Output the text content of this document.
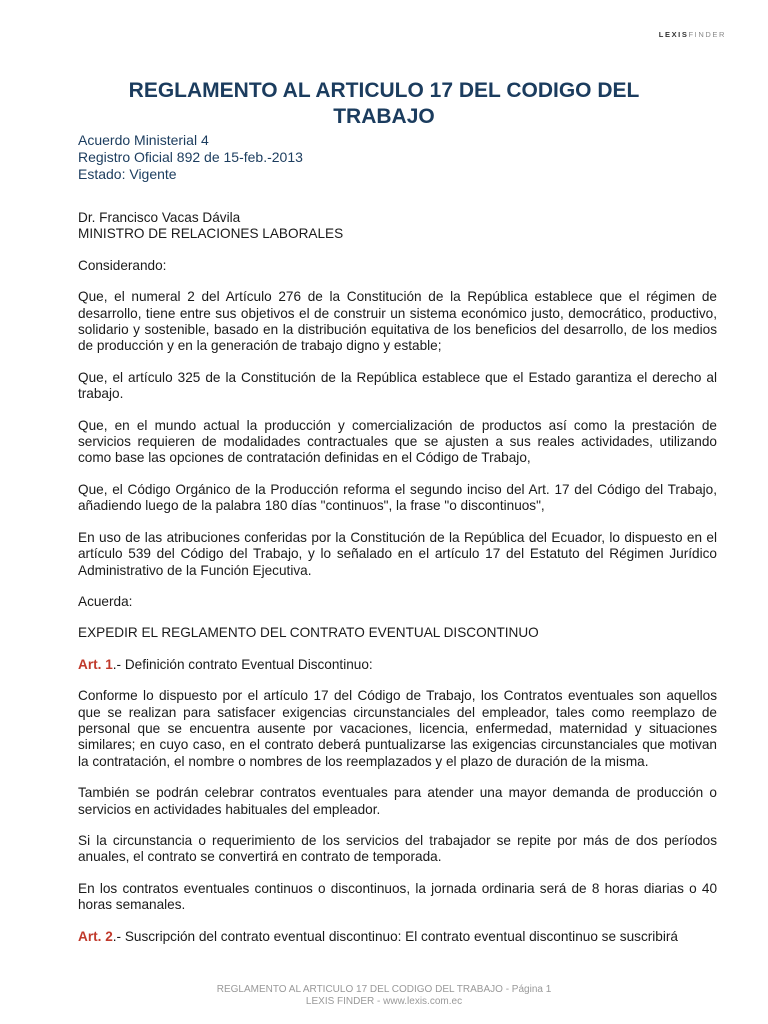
LEXISFINDER
REGLAMENTO AL ARTICULO 17 DEL CODIGO DEL TRABAJO
Acuerdo Ministerial 4
Registro Oficial 892 de 15-feb.-2013
Estado: Vigente

Dr. Francisco Vacas Dávila

MINISTRO DE RELACIONES LABORALES

Considerando:

Que, el numeral 2 del Artículo 276 de la Constitución de la República establece que el régimen de desarrollo, tiene entre sus objetivos el de construir un sistema económico justo, democrático, productivo, solidario y sostenible, basado en la distribución equitativa de los beneficios del desarrollo, de los medios de producción y en la generación de trabajo digno y estable;

Que, el artículo 325 de la Constitución de la República establece que el Estado garantiza el derecho al trabajo.

Que, en el mundo actual la producción y comercialización de productos así como la prestación de servicios requieren de modalidades contractuales que se ajusten a sus reales actividades, utilizando como base las opciones de contratación definidas en el Código de Trabajo,

Que, el Código Orgánico de la Producción reforma el segundo inciso del Art. 17 del Código del Trabajo, añadiendo luego de la palabra 180 días "continuos", la frase "o discontinuos",

En uso de las atribuciones conferidas por la Constitución de la República del Ecuador, lo dispuesto en el artículo 539 del Código del Trabajo, y lo señalado en el artículo 17 del Estatuto del Régimen Jurídico Administrativo de la Función Ejecutiva.

Acuerda:

EXPEDIR EL REGLAMENTO DEL CONTRATO EVENTUAL DISCONTINUO

Art. 1.- Definición contrato Eventual Discontinuo:

Conforme lo dispuesto por el artículo 17 del Código de Trabajo, los Contratos eventuales son aquellos que se realizan para satisfacer exigencias circunstanciales del empleador, tales como reemplazo de personal que se encuentra ausente por vacaciones, licencia, enfermedad, maternidad y situaciones similares; en cuyo caso, en el contrato deberá puntualizarse las exigencias circunstanciales que motivan la contratación, el nombre o nombres de los reemplazados y el plazo de duración de la misma.

También se podrán celebrar contratos eventuales para atender una mayor demanda de producción o servicios en actividades habituales del empleador.

Si la circunstancia o requerimiento de los servicios del trabajador se repite por más de dos períodos anuales, el contrato se convertirá en contrato de temporada.

En los contratos eventuales continuos o discontinuos, la jornada ordinaria será de 8 horas diarias o 40 horas semanales.

Art. 2.- Suscripción del contrato eventual discontinuo: El contrato eventual discontinuo se suscribirá

REGLAMENTO AL ARTICULO 17 DEL CODIGO DEL TRABAJO - Página 1
LEXIS FINDER - www.lexis.com.ec
